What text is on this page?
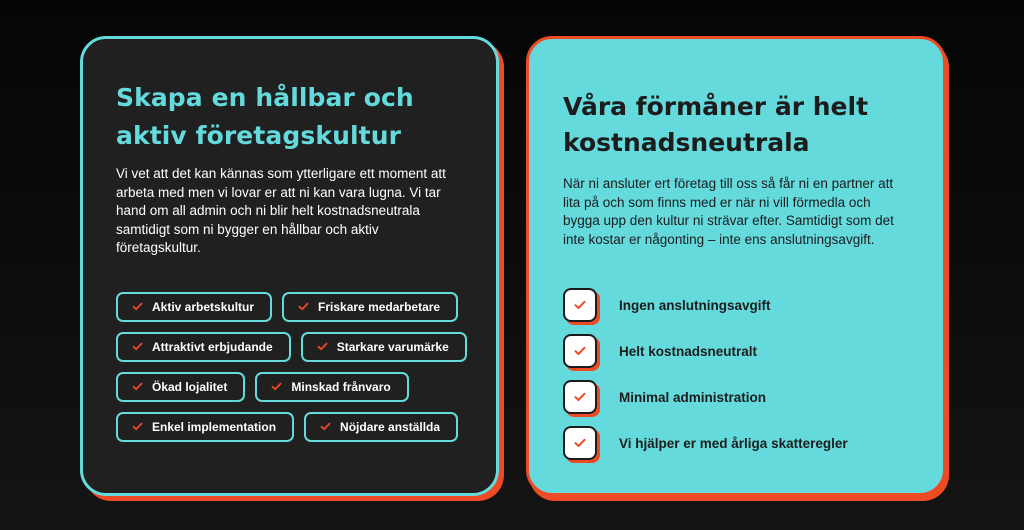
Skapa en hållbar och aktiv företagskultur

Vi vet att det kan kännas som ytterligare ett moment att arbeta med men vi lovar er att ni kan vara lugna. Vi tar hand om all admin och ni blir helt kostnadsneutrala samtidigt som ni bygger en hållbar och aktiv företagskultur.

Aktiv arbetskultur	Friskare medarbetare
Attraktivt erbjudande	Starkare varumärke
Ökad lojalitet	Minskad frånvaro
Enkel implementation	Nöjdare anställda
Våra förmåner är helt kostnadsneutrala

När ni ansluter ert företag till oss så får ni en partner att lita på och som finns med er när ni vill förmedla och bygga upp den kultur ni strävar efter. Samtidigt som det inte kostar er någonting – inte ens anslutningsavgift.

Ingen anslutningsavgift
Helt kostnadsneutralt
Minimal administration
Vi hjälper er med årliga skatteregler
